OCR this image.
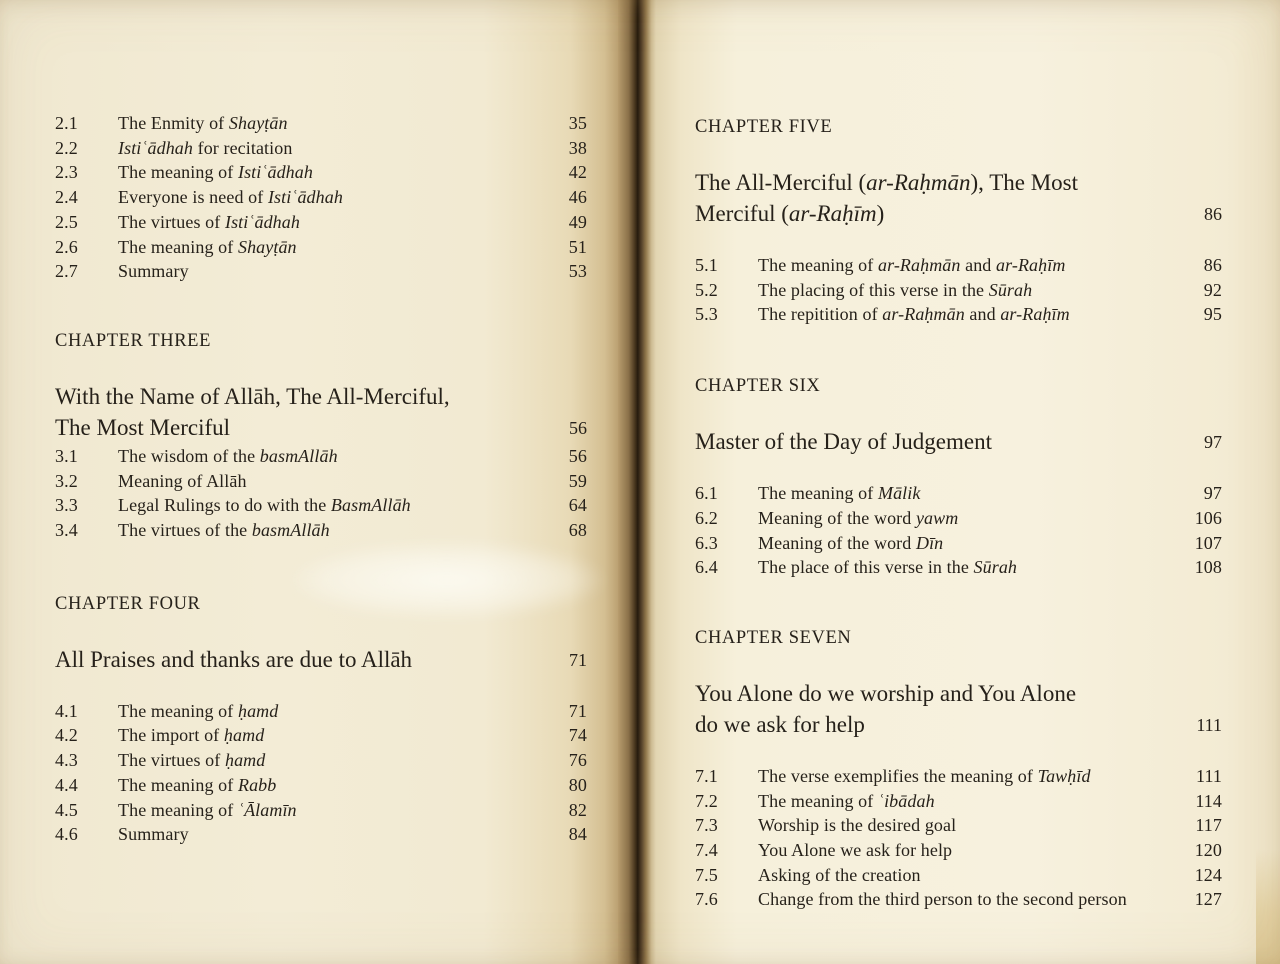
2.1	The Enmity of Shayṭān	35
2.2	Istiʿādhah for recitation	38
2.3	The meaning of Istiʿādhah	42
2.4	Everyone is need of Istiʿādhah	46
2.5	The virtues of Istiʿādhah	49
2.6	The meaning of Shayṭān	51
2.7	Summary	53
CHAPTER THREE
With the Name of Allāh, The All-Merciful,
The Most Merciful	56
3.1	The wisdom of the basmAllāh	56
3.2	Meaning of Allāh	59
3.3	Legal Rulings to do with the BasmAllāh	64
3.4	The virtues of the basmAllāh	68
CHAPTER FOUR
All Praises and thanks are due to Allāh	71
4.1	The meaning of ḥamd	71
4.2	The import of ḥamd	74
4.3	The virtues of ḥamd	76
4.4	The meaning of Rabb	80
4.5	The meaning of ʿĀlamīn	82
4.6	Summary	84
CHAPTER FIVE
The All-Merciful (ar-Raḥmān), The Most
Merciful (ar-Raḥīm)	86
5.1	The meaning of ar-Raḥmān and ar-Raḥīm	86
5.2	The placing of this verse in the Sūrah	92
5.3	The repitition of ar-Raḥmān and ar-Raḥīm	95
CHAPTER SIX
Master of the Day of Judgement	97
6.1	The meaning of Mālik	97
6.2	Meaning of the word yawm	106
6.3	Meaning of the word Dīn	107
6.4	The place of this verse in the Sūrah	108
CHAPTER SEVEN
You Alone do we worship and You Alone
do we ask for help	111
7.1	The verse exemplifies the meaning of Tawḥīd	111
7.2	The meaning of ʿibādah	114
7.3	Worship is the desired goal	117
7.4	You Alone we ask for help	120
7.5	Asking of the creation	124
7.6	Change from the third person to the second person	127
